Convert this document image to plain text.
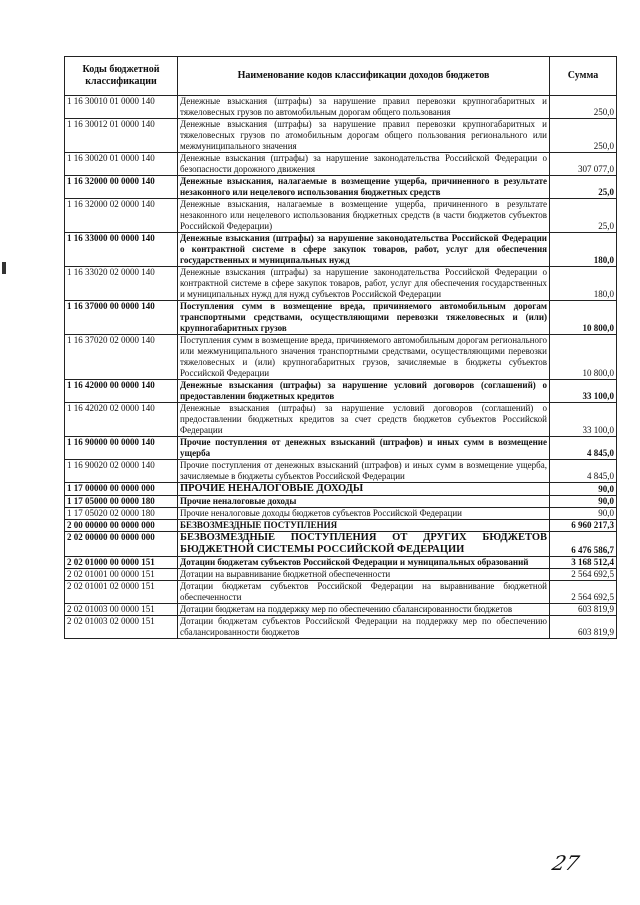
Коды бюджетной классификации	Наименование кодов классификации доходов бюджетов	Сумма
1 16 30010 01 0000 140	Денежные взыскания (штрафы) за нарушение правил перевозки крупногабаритных и тяжеловесных грузов по автомобильным дорогам общего пользования	250,0
1 16 30012 01 0000 140	Денежные взыскания (штрафы) за нарушение правил перевозки крупногабаритных и тяжеловесных грузов по атомобильным дорогам общего пользования регионального или межмуниципального значения	250,0
1 16 30020 01 0000 140	Денежные взыскания (штрафы) за нарушение законодательства Российской Федерации о безопасности дорожного движения	307 077,0
1 16 32000 00 0000 140	Денежные взыскания, налагаемые в возмещение ущерба, причиненного в результате незаконного или нецелевого использования бюджетных средств	25,0
1 16 32000 02 0000 140	Денежные взыскания, налагаемые в возмещение ущерба, причиненного в результате незаконного или нецелевого использования бюджетных средств (в части бюджетов субъектов Российской Федерации)	25,0
1 16 33000 00 0000 140	Денежные взыскания (штрафы) за нарушение законодательства Российской Федерации о контрактной системе в сфере закупок товаров, работ, услуг для обеспечения государственных и муниципальных нужд	180,0
1 16 33020 02 0000 140	Денежные взыскания (штрафы) за нарушение законодательства Российской Федерации о контрактной системе в сфере закупок товаров, работ, услуг для обеспечения государственных и муниципальных нужд для нужд субъектов Российской Федерации	180,0
1 16 37000 00 0000 140	Поступления сумм в возмещение вреда, причиняемого автомобильным дорогам транспортными средствами, осуществляющими перевозки тяжеловесных и (или) крупногабаритных грузов	10 800,0
1 16 37020 02 0000 140	Поступления сумм в возмещение вреда, причиняемого автомобильным дорогам регионального или межмуниципального значения транспортными средствами, осуществляющими перевозки тяжеловесных и (или) крупногабаритных грузов, зачисляемые в бюджеты субъектов Российской Федерации	10 800,0
1 16 42000 00 0000 140	Денежные взыскания (штрафы) за нарушение условий договоров (соглашений) о предоставлении бюджетных кредитов	33 100,0
1 16 42020 02 0000 140	Денежные взыскания (штрафы) за нарушение условий договоров (соглашений) о предоставлении бюджетных кредитов за счет средств бюджетов субъектов Российской Федерации	33 100,0
1 16 90000 00 0000 140	Прочие поступления от денежных взысканий (штрафов) и иных сумм в возмещение ущерба	4 845,0
1 16 90020 02 0000 140	Прочие поступления от денежных взысканий (штрафов) и иных сумм в возмещение ущерба, зачисляемые в бюджеты субъектов Российской Федерации	4 845,0
1 17 00000 00 0000 000	ПРОЧИЕ НЕНАЛОГОВЫЕ ДОХОДЫ	90,0
1 17 05000 00 0000 180	Прочие неналоговые доходы	90,0
1 17 05020 02 0000 180	Прочие неналоговые доходы бюджетов субъектов Российской Федерации	90,0
2 00 00000 00 0000 000	БЕЗВОЗМЕЗДНЫЕ ПОСТУПЛЕНИЯ	6 960 217,3
2 02 00000 00 0000 000	БЕЗВОЗМЕЗДНЫЕ ПОСТУПЛЕНИЯ ОТ ДРУГИХ БЮДЖЕТОВ БЮДЖЕТНОЙ СИСТЕМЫ РОССИЙСКОЙ ФЕДЕРАЦИИ	6 476 586,7
2 02 01000 00 0000 151	Дотации бюджетам субъектов Российской Федерации и муниципальных образований	3 168 512,4
2 02 01001 00 0000 151	Дотации на выравнивание бюджетной обеспеченности	2 564 692,5
2 02 01001 02 0000 151	Дотации бюджетам субъектов Российской Федерации на выравнивание бюджетной обеспеченности	2 564 692,5
2 02 01003 00 0000 151	Дотации бюджетам на поддержку мер по обеспечению сбалансированности бюджетов	603 819,9
2 02 01003 02 0000 151	Дотации бюджетам субъектов Российской Федерации на поддержку мер по обеспечению сбалансированности бюджетов	603 819,9
27
